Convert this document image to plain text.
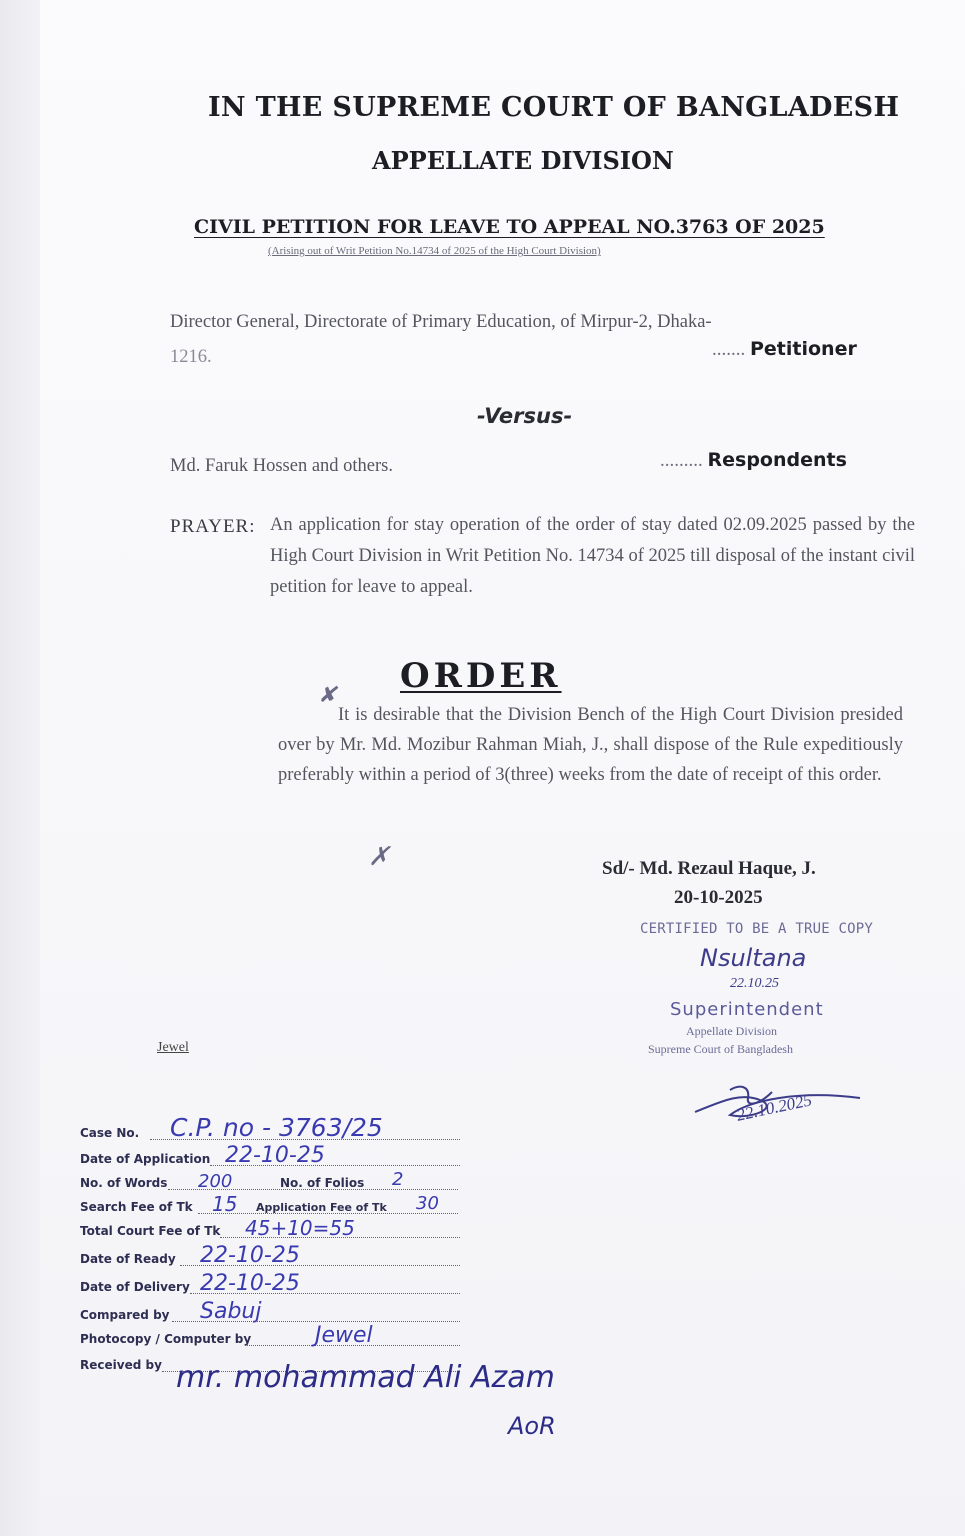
IN THE SUPREME COURT OF BANGLADESH
APPELLATE DIVISION
CIVIL PETITION FOR LEAVE TO APPEAL NO.3763 OF 2025
(Arising out of Writ Petition No.14734 of 2025 of the High Court Division)
Director General, Directorate of Primary Education, of Mirpur-2, Dhaka-
1216.	....... Petitioner
-Versus-
Md. Faruk Hossen and others.	......... Respondents
PRAYER: An application for stay operation of the order of stay dated 02.09.2025 passed by the High Court Division in Writ Petition No. 14734 of 2025 till disposal of the instant civil petition for leave to appeal.
ORDER
✘

It is desirable that the Division Bench of the High Court Division presided over by Mr. Md. Mozibur Rahman Miah, J., shall dispose of the Rule expeditiously preferably within a period of 3(three) weeks from the date of receipt of this order.

✗	Sd/- Md. Rezaul Haque, J.
20-10-2025
CERTIFIED TO BE A TRUE COPY
Nsultana
22.10.25
Superintendent
Appellate Division
Supreme Court of Bangladesh
22.10.2025
Jewel
Case No. C.P. no - 3763/25
Date of Application 22-10-25
No. of Words 200	No. of Folios 2
Search Fee of Tk 15 Application Fee of Tk 30
Total Court Fee of Tk 45+10=55
Date of Ready 22-10-25
Date of Delivery 22-10-25
Compared by Sabuj
Photocopy / Computer by	Jewel
Received by mr. mohammad Ali Azam
AoR
